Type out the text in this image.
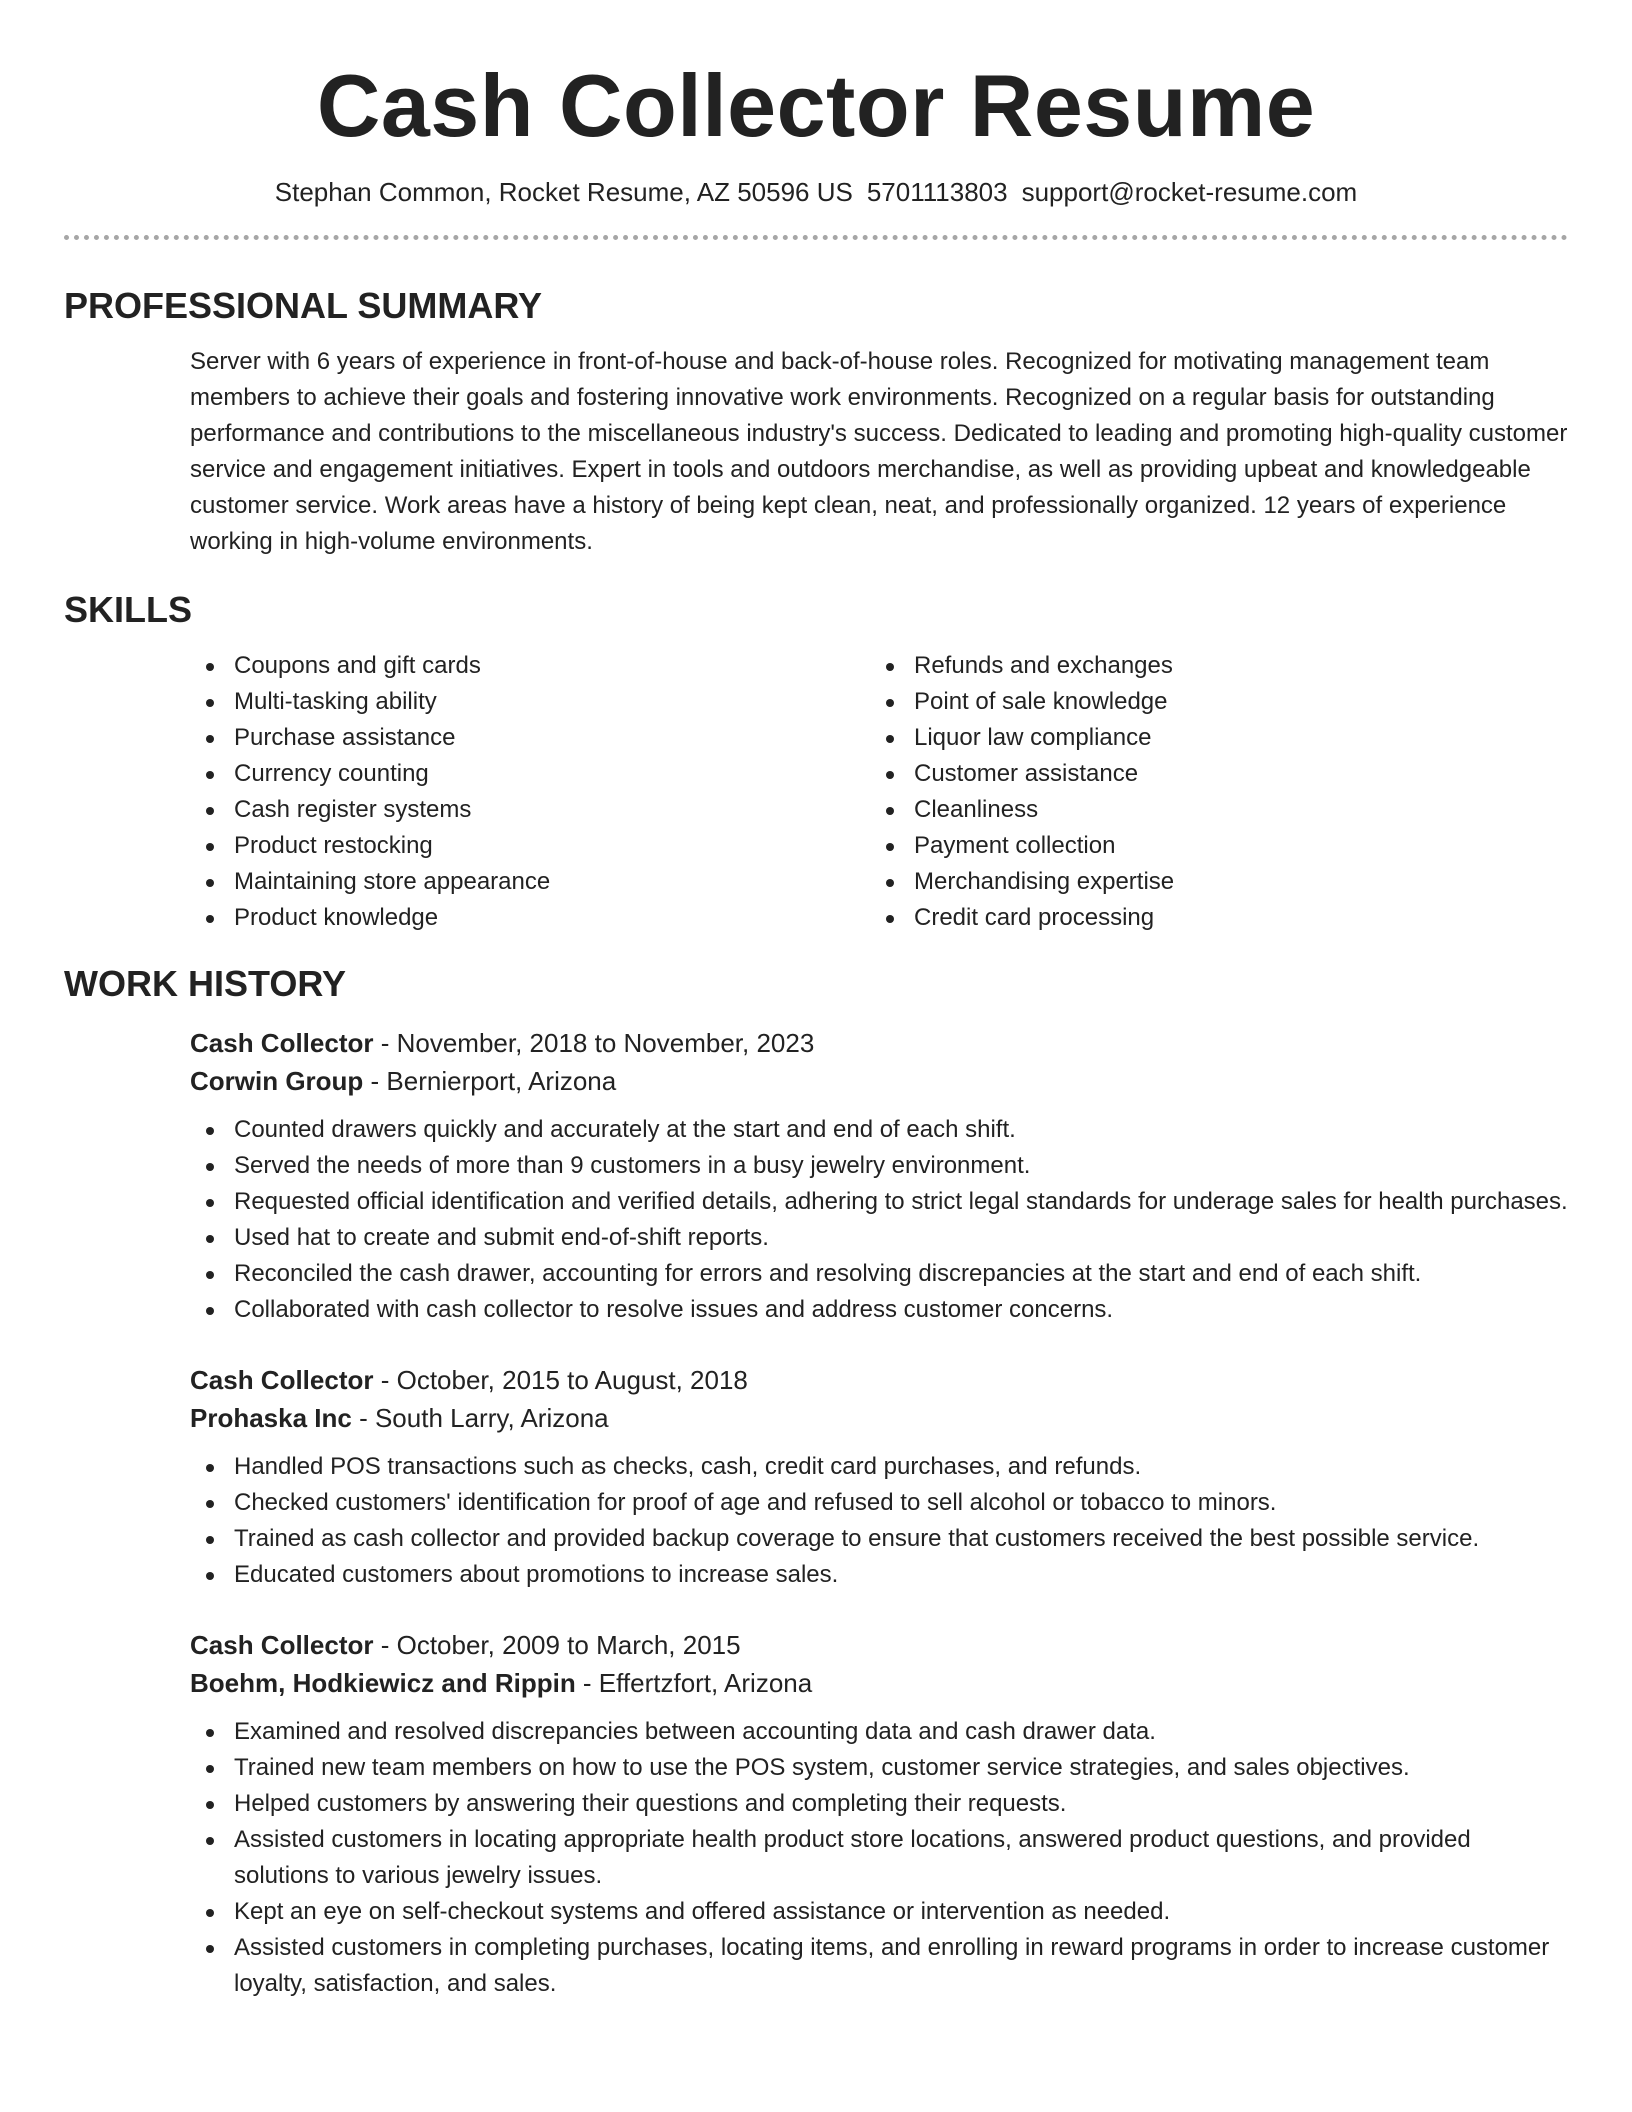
Cash Collector Resume
Stephan Common, Rocket Resume, AZ 50596 US 5701113803 support@rocket-resume.com
PROFESSIONAL SUMMARY
Server with 6 years of experience in front-of-house and back-of-house roles. Recognized for motivating management team members to achieve their goals and fostering innovative work environments. Recognized on a regular basis for outstanding performance and contributions to the miscellaneous industry's success. Dedicated to leading and promoting high-quality customer service and engagement initiatives. Expert in tools and outdoors merchandise, as well as providing upbeat and knowledgeable customer service. Work areas have a history of being kept clean, neat, and professionally organized. 12 years of experience working in high-volume environments.
SKILLS
Coupons and gift cards
Multi-tasking ability
Purchase assistance
Currency counting
Cash register systems
Product restocking
Maintaining store appearance
Product knowledge
Refunds and exchanges
Point of sale knowledge
Liquor law compliance
Customer assistance
Cleanliness
Payment collection
Merchandising expertise
Credit card processing
WORK HISTORY
Cash Collector - November, 2018 to November, 2023
Corwin Group - Bernierport, Arizona
Counted drawers quickly and accurately at the start and end of each shift.
Served the needs of more than 9 customers in a busy jewelry environment.
Requested official identification and verified details, adhering to strict legal standards for underage sales for health purchases.
Used hat to create and submit end-of-shift reports.
Reconciled the cash drawer, accounting for errors and resolving discrepancies at the start and end of each shift.
Collaborated with cash collector to resolve issues and address customer concerns.
Cash Collector - October, 2015 to August, 2018
Prohaska Inc - South Larry, Arizona
Handled POS transactions such as checks, cash, credit card purchases, and refunds.
Checked customers' identification for proof of age and refused to sell alcohol or tobacco to minors.
Trained as cash collector and provided backup coverage to ensure that customers received the best possible service.
Educated customers about promotions to increase sales.
Cash Collector - October, 2009 to March, 2015
Boehm, Hodkiewicz and Rippin - Effertzfort, Arizona
Examined and resolved discrepancies between accounting data and cash drawer data.
Trained new team members on how to use the POS system, customer service strategies, and sales objectives.
Helped customers by answering their questions and completing their requests.
Assisted customers in locating appropriate health product store locations, answered product questions, and provided solutions to various jewelry issues.
Kept an eye on self-checkout systems and offered assistance or intervention as needed.
Assisted customers in completing purchases, locating items, and enrolling in reward programs in order to increase customer loyalty, satisfaction, and sales.
